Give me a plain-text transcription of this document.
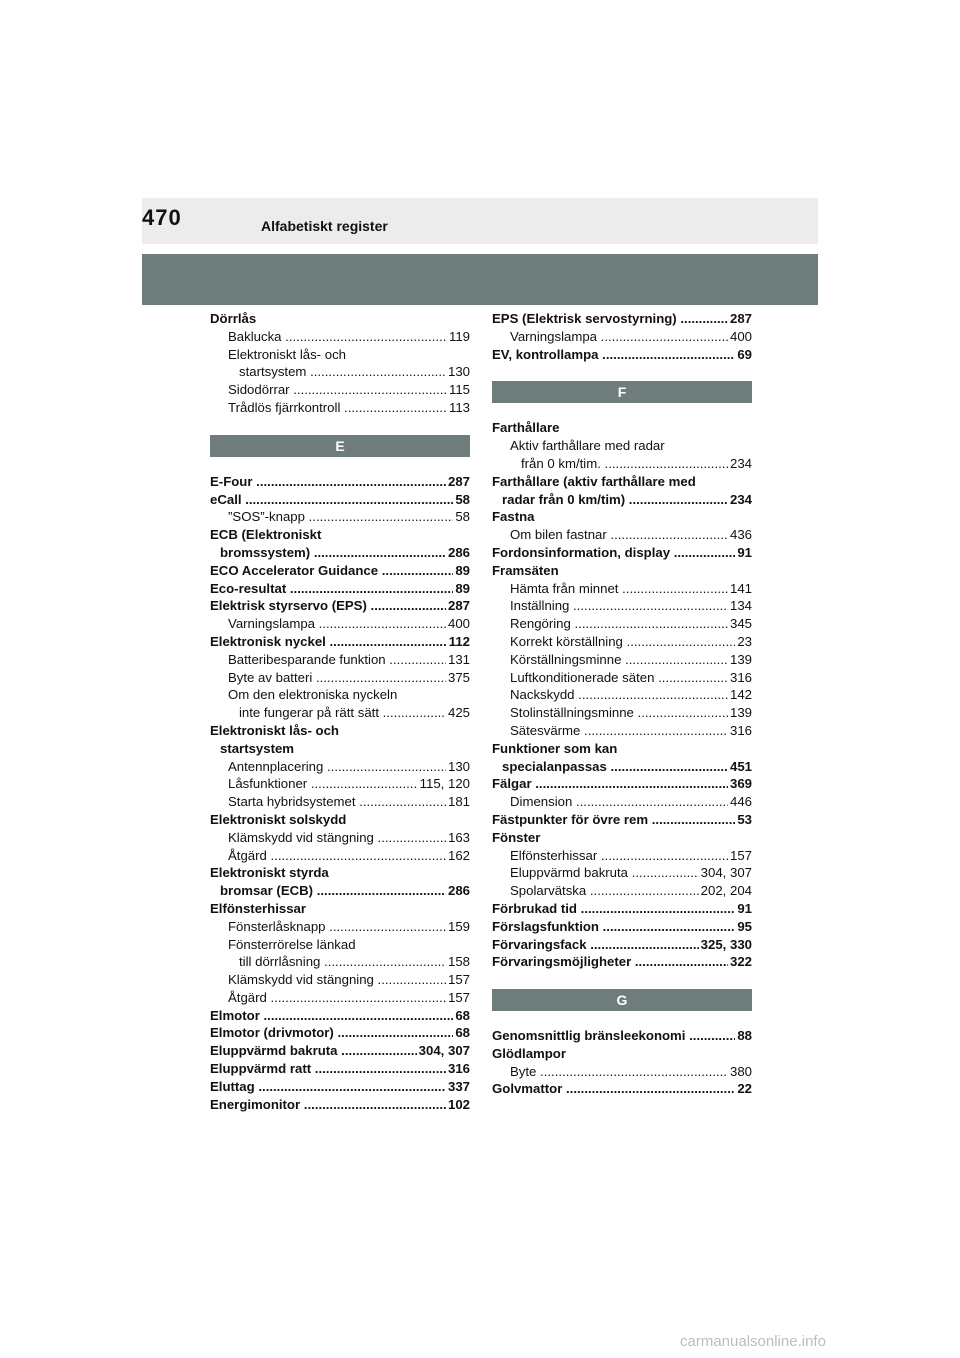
470	Alfabetiskt register
Dörrlås
Baklucka .....	119
Elektroniskt lås- och
startsystem .....	130
Sidodörrar .....	115
Trådlös fjärrkontroll .....	113
E
E-Four .....	287
eCall .....	58
”SOS”-knapp .....	58
ECB (Elektroniskt
bromssystem) .....	286
ECO Accelerator Guidance .....	89
Eco-resultat .....	89
Elektrisk styrservo (EPS) .....	287
Varningslampa .....	400
Elektronisk nyckel .....	112
Batteribesparande funktion .....	131
Byte av batteri .....	375
Om den elektroniska nyckeln
inte fungerar på rätt sätt .....	425
Elektroniskt lås- och
startsystem
Antennplacering .....	130
Låsfunktioner .....	115, 120
Starta hybridsystemet .....	181
Elektroniskt solskydd
Klämskydd vid stängning .....	163
Åtgärd .....	162
Elektroniskt styrda
bromsar (ECB) .....	286
Elfönsterhissar
Fönsterlåsknapp .....	159
Fönsterrörelse länkad
till dörrlåsning .....	158
Klämskydd vid stängning .....	157
Åtgärd .....	157
Elmotor .....	68
Elmotor (drivmotor) .....	68
Eluppvärmd bakruta .....	304, 307
Eluppvärmd ratt .....	316
Eluttag .....	337
Energimonitor .....	102
EPS (Elektrisk servostyrning) .....	287
Varningslampa .....	400
EV, kontrollampa .....	69
F
Farthållare
Aktiv farthållare med radar
från 0 km/tim. .....	234
Farthållare (aktiv farthållare med
radar från 0 km/tim) .....	234
Fastna
Om bilen fastnar .....	436
Fordonsinformation, display .....	91
Framsäten
Hämta från minnet .....	141
Inställning .....	134
Rengöring .....	345
Korrekt körställning .....	23
Körställningsminne .....	139
Luftkonditionerade säten .....	316
Nackskydd .....	142
Stolinställningsminne .....	139
Sätesvärme .....	316
Funktioner som kan
specialanpassas .....	451
Fälgar .....	369
Dimension .....	446
Fästpunkter för övre rem .....	53
Fönster
Elfönsterhissar .....	157
Eluppvärmd bakruta .....	304, 307
Spolarvätska .....	202, 204
Förbrukad tid .....	91
Förslagsfunktion .....	95
Förvaringsfack .....	325, 330
Förvaringsmöjligheter .....	322
G
Genomsnittlig bränsleekonomi .....	88
Glödlampor
Byte .....	380
Golvmattor .....	22
carmanualsonline.info
